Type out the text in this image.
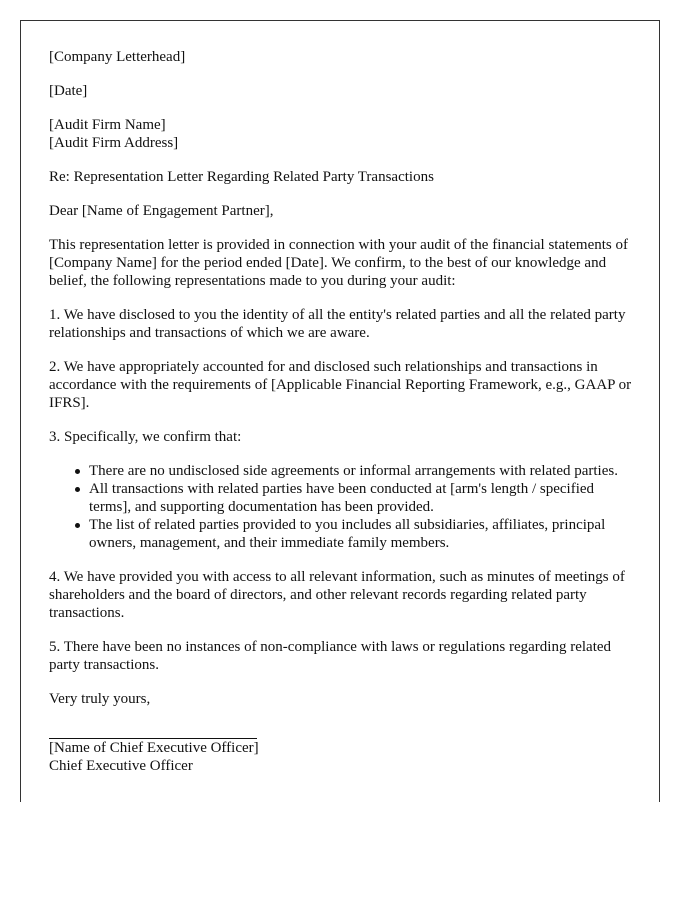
[Company Letterhead]

[Date]

[Audit Firm Name]

[Audit Firm Address]

Re: Representation Letter Regarding Related Party Transactions

Dear [Name of Engagement Partner],

This representation letter is provided in connection with your audit of the financial statements of [Company Name] for the period ended [Date]. We confirm, to the best of our knowledge and belief, the following representations made to you during your audit:

1. We have disclosed to you the identity of all the entity's related parties and all the related party relationships and transactions of which we are aware.

2. We have appropriately accounted for and disclosed such relationships and transactions in accordance with the requirements of [Applicable Financial Reporting Framework, e.g., GAAP or IFRS].

3. Specifically, we confirm that:

There are no undisclosed side agreements or informal arrangements with related parties.
All transactions with related parties have been conducted at [arm's length / specified terms], and supporting documentation has been provided.
The list of related parties provided to you includes all subsidiaries, affiliates, principal owners, management, and their immediate family members.

4. We have provided you with access to all relevant information, such as minutes of meetings of shareholders and the board of directors, and other relevant records regarding related party transactions.

5. There have been no instances of non-compliance with laws or regulations regarding related party transactions.

Very truly yours,

[Name of Chief Executive Officer]

Chief Executive Officer
